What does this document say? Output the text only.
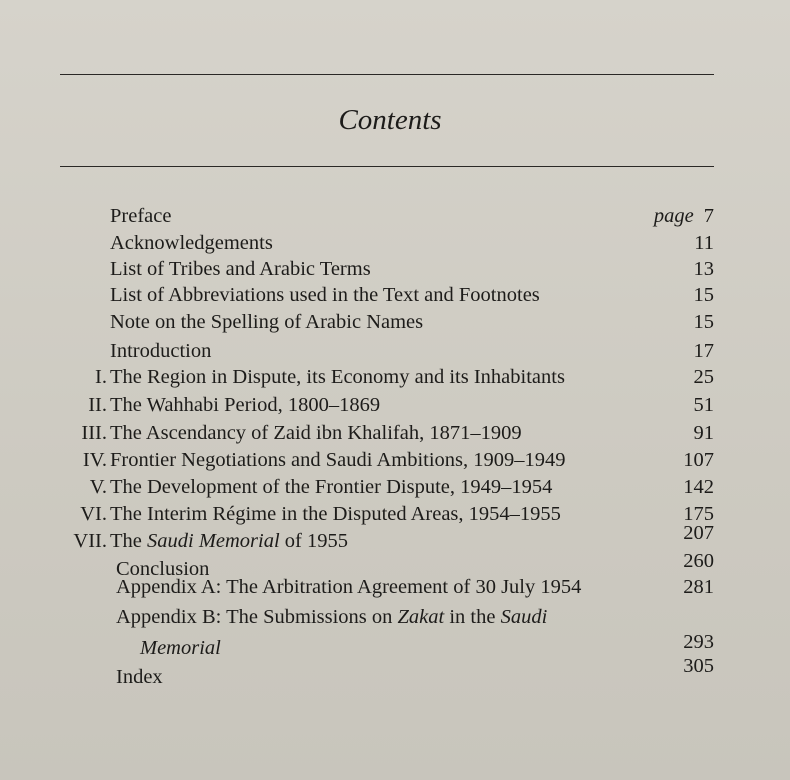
Contents
Preface	page 7
Acknowledgements	11
List of Tribes and Arabic Terms	13
List of Abbreviations used in the Text and Footnotes	15
Note on the Spelling of Arabic Names	15
Introduction	17
I. The Region in Dispute, its Economy and its Inhabitants	25
II. The Wahhabi Period, 1800–1869	51
III. The Ascendancy of Zaid ibn Khalifah, 1871–1909	91
IV. Frontier Negotiations and Saudi Ambitions, 1909–1949	107
V. The Development of the Frontier Dispute, 1949–1954	142
VI. The Interim Régime in the Disputed Areas, 1954–1955	175
VII. The Saudi Memorial of 1955	207
Conclusion	260
Appendix A: The Arbitration Agreement of 30 July 1954	281
Appendix B: The Submissions on Zakat in the Saudi
Memorial	293
Index	305
